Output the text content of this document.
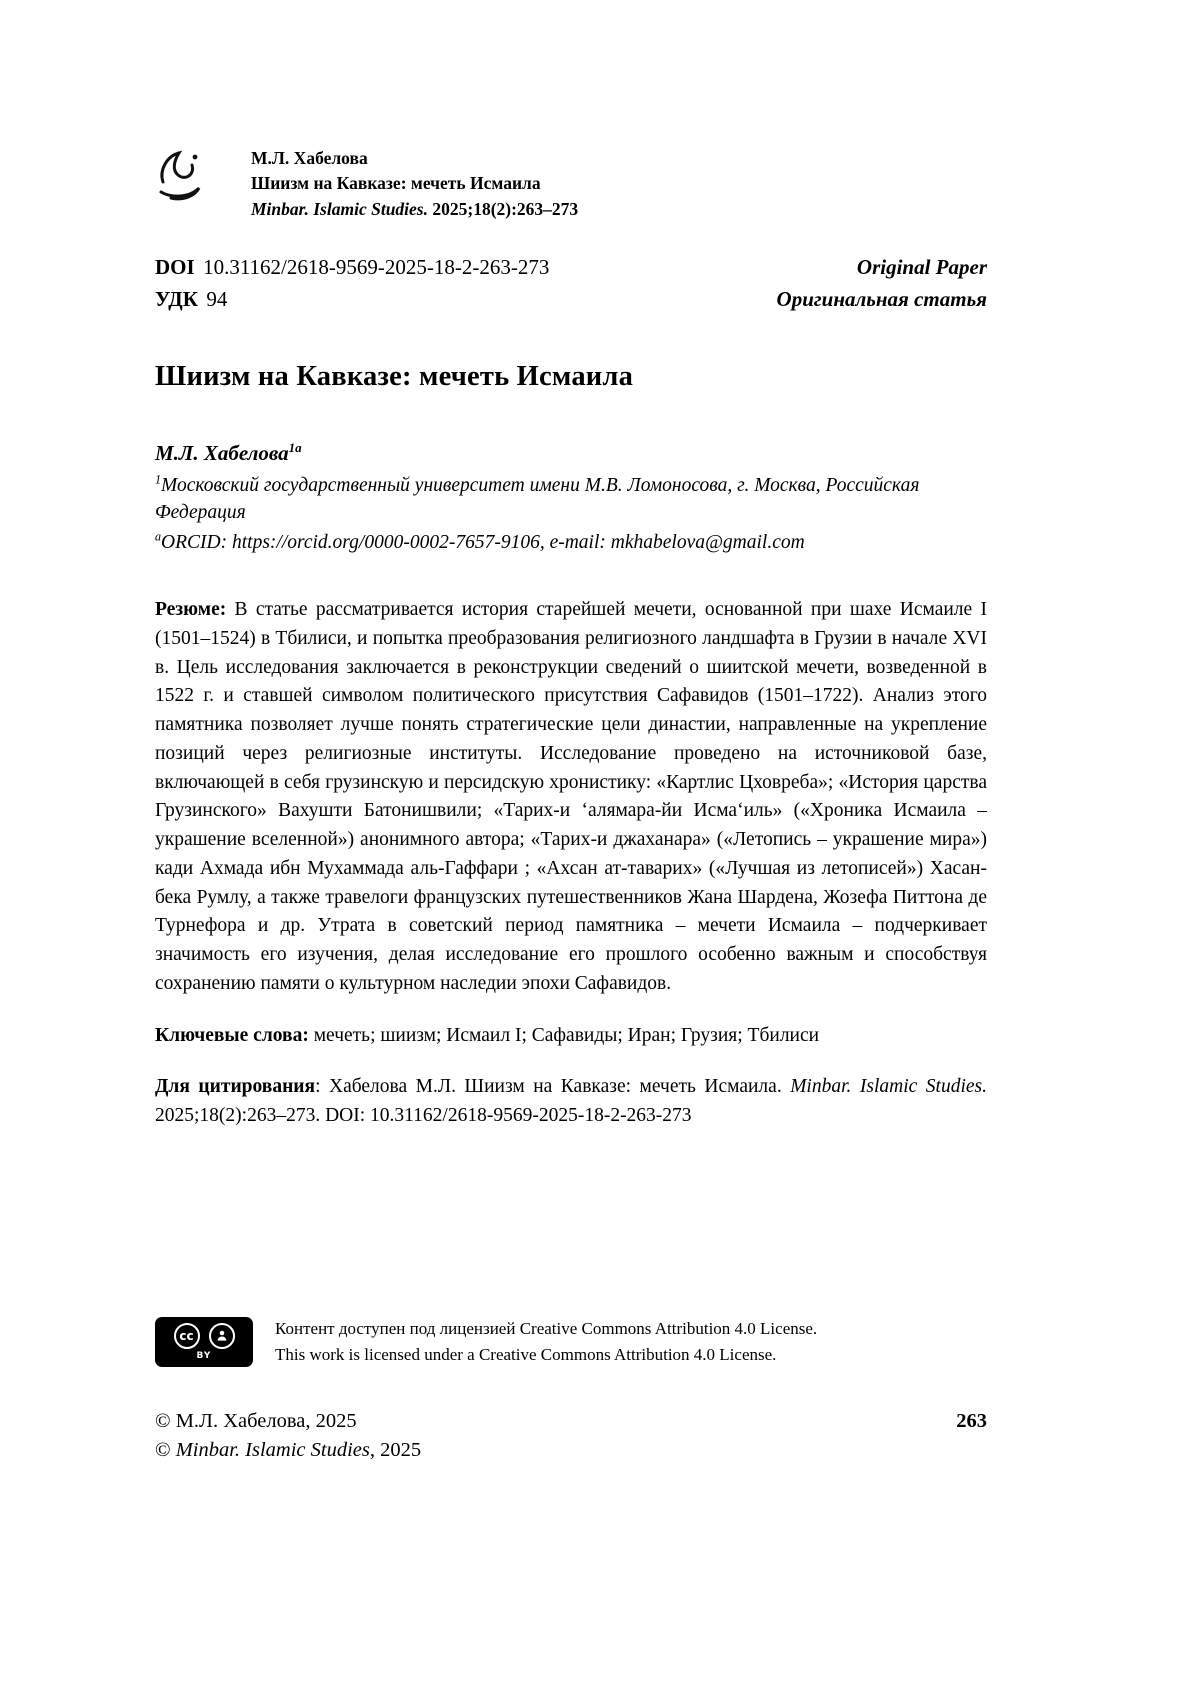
М.Л. Хабелова
Шиизм на Кавказе: мечеть Исмаила
Minbar. Islamic Studies. 2025;18(2):263–273
DOI 10.31162/2618-9569-2025-18-2-263-273	Original Paper
УДК 94	Оригинальная статья
Шиизм на Кавказе: мечеть Исмаила
М.Л. Хабелова$^{1a}$
$^1$Московский государственный университет имени М.В. Ломоносова, г. Москва, Российская Федерация
$^a$ORCID: https://orcid.org/0000-0002-7657-9106, e-mail: mkhabelova@gmail.com

Резюме: В статье рассматривается история старейшей мечети, основанной при шахе Исмаиле I (1501–1524) в Тбилиси, и попытка преобразования религиозного ландшафта в Грузии в начале XVI в. Цель исследования заключается в реконструкции сведений о шиитской мечети, возведенной в 1522 г. и ставшей символом политического присутствия Сафавидов (1501–1722). Анализ этого памятника позволяет лучше понять стратегические цели династии, направленные на укрепление позиций через религиозные институты. Исследование проведено на источниковой базе, включающей в себя грузинскую и персидскую хронистику: «Картлис Цховреба»; «История царства Грузинского» Вахушти Батонишвили; «Тарих-и ‘алямара-йи Исма‘иль» («Хроника Исмаила – украшение вселенной») анонимного автора; «Тарих-и джаханара» («Летопись – украшение мира») кади Ахмада ибн Мухаммада аль-Гаффари ; «Ахсан ат-таварих» («Лучшая из летописей») Хасан-бека Румлу, а также травелоги французских путешественников Жана Шардена, Жозефа Питтона де Турнефора и др. Утрата в советский период памятника – мечети Исмаила – подчеркивает значимость его изучения, делая исследование его прошлого особенно важным и способствуя сохранению памяти о культурном наследии эпохи Сафавидов.

Ключевые слова: мечеть; шиизм; Исмаил I; Сафавиды; Иран; Грузия; Тбилиси

Для цитирования: Хабелова М.Л. Шиизм на Кавказе: мечеть Исмаила. Minbar. Islamic Studies. 2025;18(2):263–273. DOI: 10.31162/2618-9569-2025-18-2-263-273

cc
BY
Контент доступен под лицензией Creative Commons Attribution 4.0 License.
This work is licensed under a Creative Commons Attribution 4.0 License.
© М.Л. Хабелова, 2025
© Minbar. Islamic Studies, 2025
263
